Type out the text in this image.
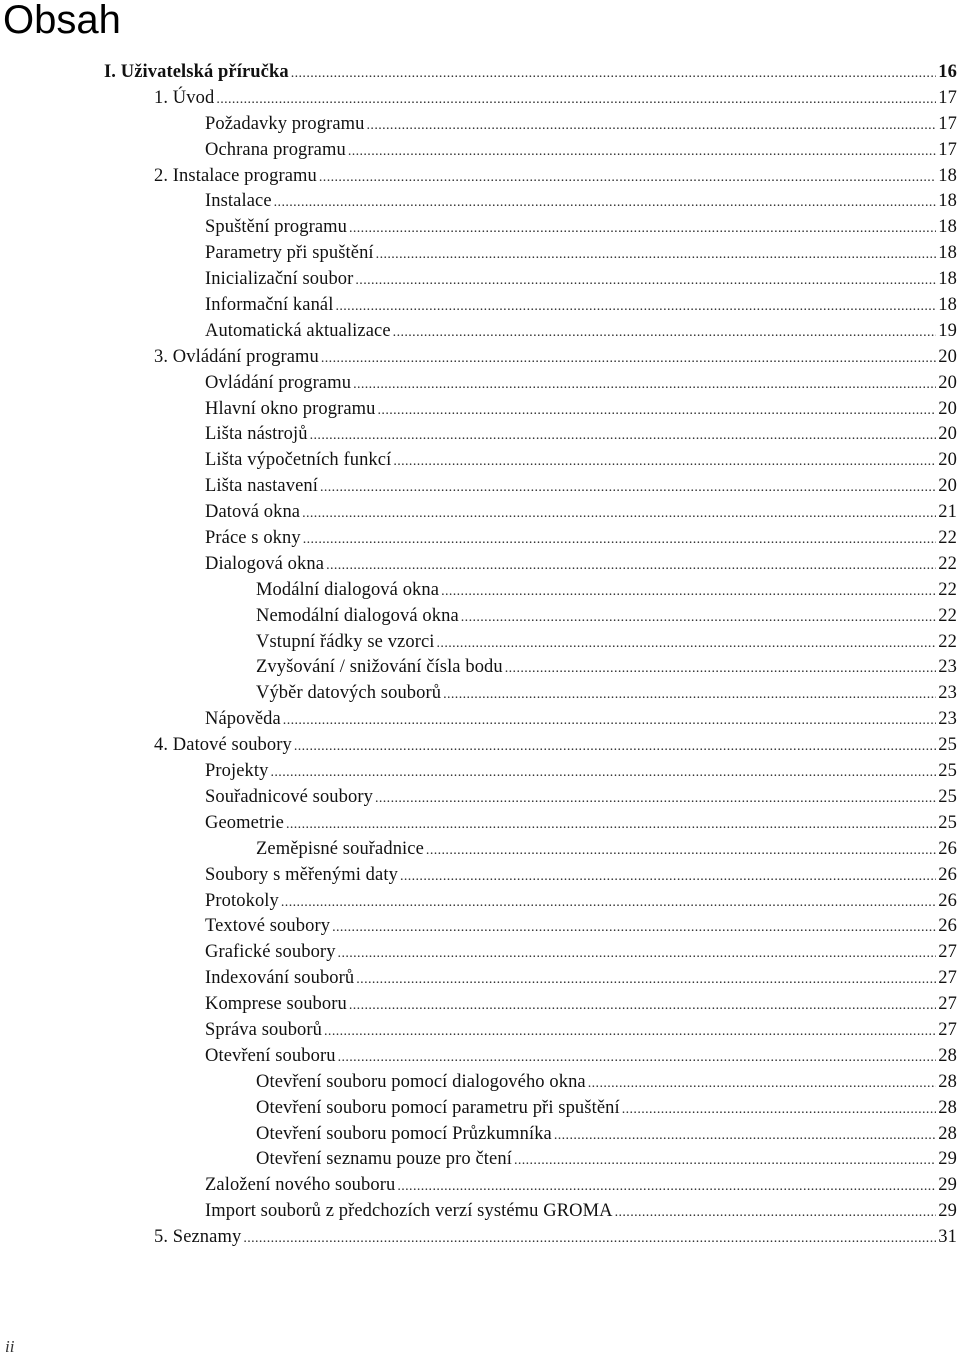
Obsah
I. Uživatelská příručka .....	16
1. Úvod .....	17
Požadavky programu .....	17
Ochrana programu .....	17
2. Instalace programu .....	18
Instalace .....	18
Spuštění programu .....	18
Parametry při spuštění .....	18
Inicializační soubor .....	18
Informační kanál .....	18
Automatická aktualizace .....	19
3. Ovládání programu .....	20
Ovládání programu .....	20
Hlavní okno programu .....	20
Lišta nástrojů .....	20
Lišta výpočetních funkcí .....	20
Lišta nastavení .....	20
Datová okna .....	21
Práce s okny .....	22
Dialogová okna .....	22
Modální dialogová okna .....	22
Nemodální dialogová okna .....	22
Vstupní řádky se vzorci .....	22
Zvyšování / snižování čísla bodu .....	23
Výběr datových souborů .....	23
Nápověda .....	23
4. Datové soubory .....	25
Projekty .....	25
Souřadnicové soubory .....	25
Geometrie .....	25
Zeměpisné souřadnice .....	26
Soubory s měřenými daty .....	26
Protokoly .....	26
Textové soubory .....	26
Grafické soubory .....	27
Indexování souborů .....	27
Komprese souboru .....	27
Správa souborů .....	27
Otevření souboru .....	28
Otevření souboru pomocí dialogového okna .....	28
Otevření souboru pomocí parametru při spuštění .....	28
Otevření souboru pomocí Průzkumníka .....	28
Otevření seznamu pouze pro čtení .....	29
Založení nového souboru .....	29
Import souborů z předchozích verzí systému GROMA .....	29
5. Seznamy .....	31
ii
